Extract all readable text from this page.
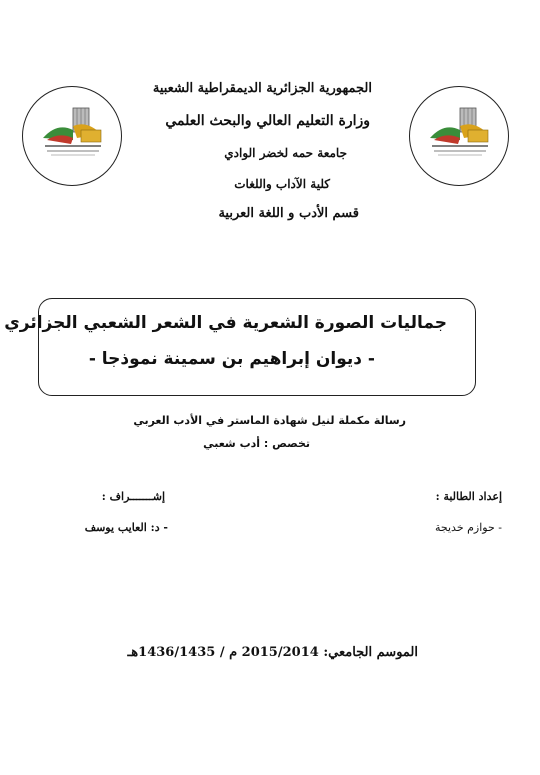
الجمهورية الجزائرية الديمقراطية الشعبية
وزارة التعليم العالي والبحث العلمي
جامعة حمه لخضر الوادي
كلية الآداب واللغات
قسم الأدب و اللغة العربية
جماليات الصورة الشعرية في الشعر الشعبي الجزائري
- ديوان إبراهيم بن سمينة نموذجا -
رسالة مكملة لنيل شهادة الماستر في الأدب العربي
تخصص : أدب شعبي
إعداد الطالبة :
إشـــــــراف :
- حوازم خديجة
- د: العايب يوسف
الموسم الجامعي: 2015/2014 م / 1436/1435هـ
